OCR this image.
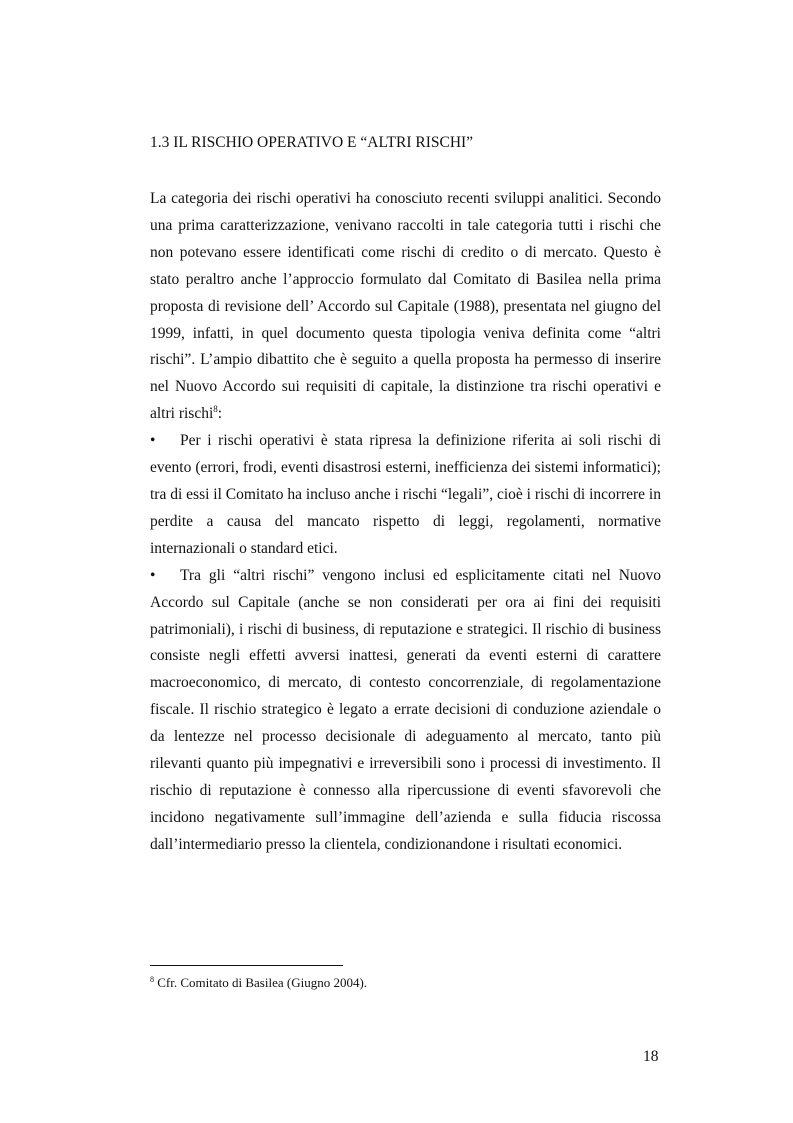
1.3 IL RISCHIO OPERATIVO E “ALTRI RISCHI”

La categoria dei rischi operativi ha conosciuto recenti sviluppi analitici. Secondo una prima caratterizzazione, venivano raccolti in tale categoria tutti i rischi che non potevano essere identificati come rischi di credito o di mercato. Questo è stato peraltro anche l’approccio formulato dal Comitato di Basilea nella prima proposta di revisione dell’ Accordo sul Capitale (1988), presentata nel giugno del 1999, infatti, in quel documento questa tipologia veniva definita come “altri rischi”. L’ampio dibattito che è seguito a quella proposta ha permesso di inserire nel Nuovo Accordo sui requisiti di capitale, la distinzione tra rischi operativi e altri rischi$^8$:

• Per i rischi operativi è stata ripresa la definizione riferita ai soli rischi di evento (errori, frodi, eventi disastrosi esterni, inefficienza dei sistemi informatici); tra di essi il Comitato ha incluso anche i rischi “legali”, cioè i rischi di incorrere in perdite a causa del mancato rispetto di leggi, regolamenti, normative internazionali o standard etici.

• Tra gli “altri rischi” vengono inclusi ed esplicitamente citati nel Nuovo Accordo sul Capitale (anche se non considerati per ora ai fini dei requisiti patrimoniali), i rischi di business, di reputazione e strategici. Il rischio di business consiste negli effetti avversi inattesi, generati da eventi esterni di carattere macroeconomico, di mercato, di contesto concorrenziale, di regolamentazione fiscale. Il rischio strategico è legato a errate decisioni di conduzione aziendale o da lentezze nel processo decisionale di adeguamento al mercato, tanto più rilevanti quanto più impegnativi e irreversibili sono i processi di investimento. Il rischio di reputazione è connesso alla ripercussione di eventi sfavorevoli che incidono negativamente sull’immagine dell’azienda e sulla fiducia riscossa dall’intermediario presso la clientela, condizionandone i risultati economici.

$^8$ Cfr. Comitato di Basilea (Giugno 2004).
18
